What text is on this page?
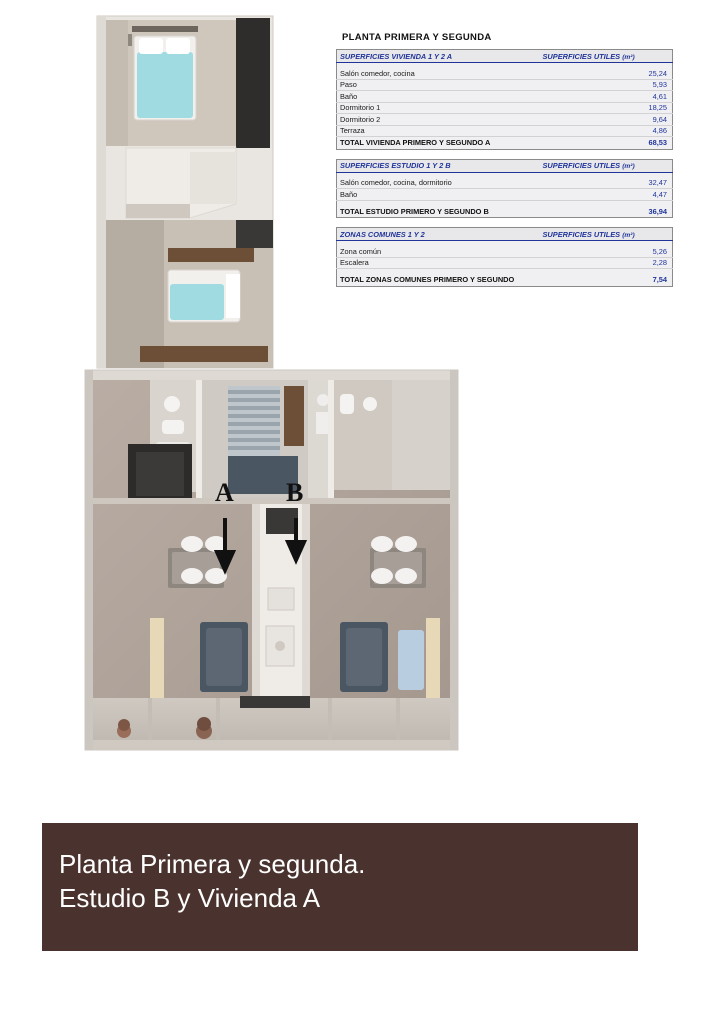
A B
PLANTA PRIMERA Y SEGUNDA
SUPERFICIES VIVIENDA 1 Y 2 A	SUPERFICIES UTILES (m²)

Salón comedor, cocina	25,24
Paso	5,93
Baño	4,61
Dormitorio 1	18,25
Dormitorio 2	9,64
Terraza	4,86
TOTAL VIVIENDA PRIMERO Y SEGUNDO A	68,53
SUPERFICIES ESTUDIO 1 Y 2 B	SUPERFICIES UTILES (m²)

Salón comedor, cocina, dormitorio	32,47
Baño	4,47

TOTAL ESTUDIO PRIMERO Y SEGUNDO B	36,94
ZONAS COMUNES 1 Y 2	SUPERFICIES UTILES (m²)

Zona común	5,26
Escalera	2,28

TOTAL ZONAS COMUNES PRIMERO Y SEGUNDO	7,54
Planta Primera y segunda.
Estudio B y Vivienda A
